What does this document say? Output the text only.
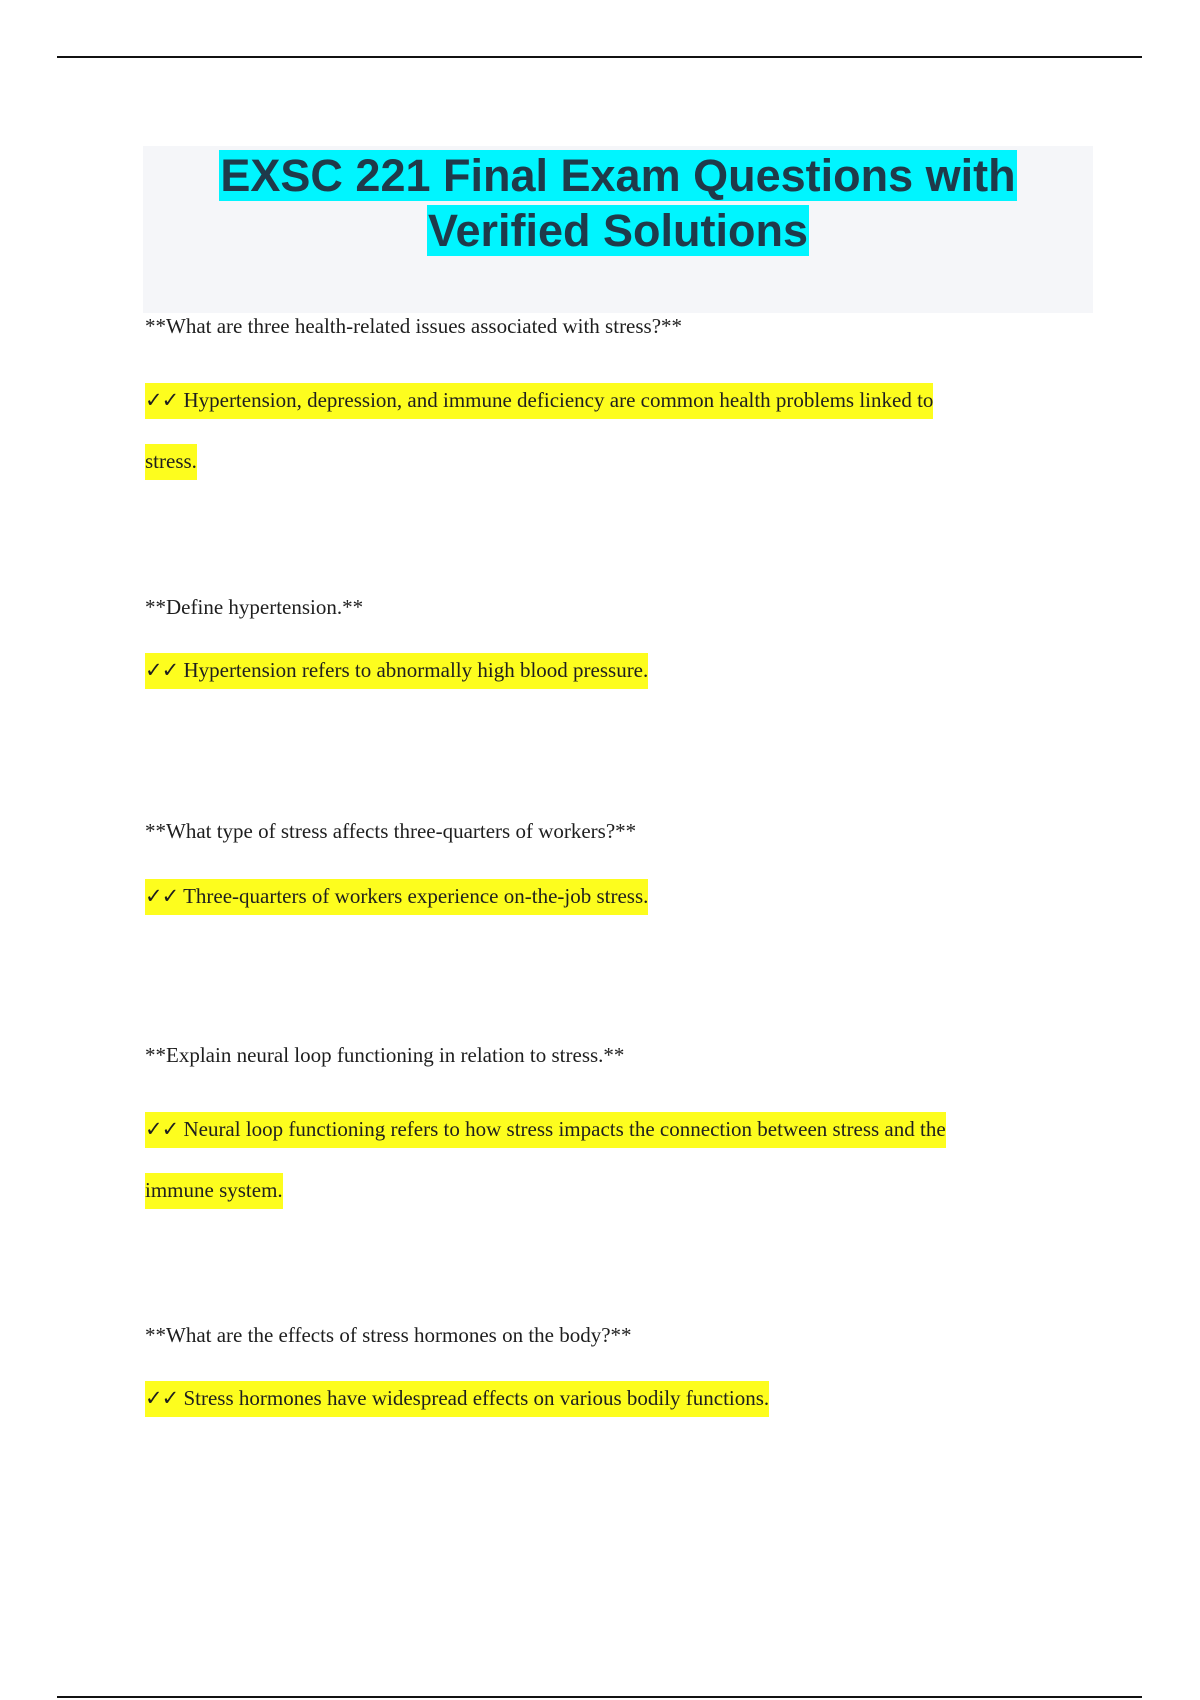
EXSC 221 Final Exam Questions with
Verified Solutions

**What are three health-related issues associated with stress?**

✓✓ Hypertension, depression, and immune deficiency are common health problems linked to
stress.

**Define hypertension.**

✓✓ Hypertension refers to abnormally high blood pressure.

**What type of stress affects three-quarters of workers?**

✓✓ Three-quarters of workers experience on-the-job stress.

**Explain neural loop functioning in relation to stress.**

✓✓ Neural loop functioning refers to how stress impacts the connection between stress and the
immune system.

**What are the effects of stress hormones on the body?**

✓✓ Stress hormones have widespread effects on various bodily functions.
